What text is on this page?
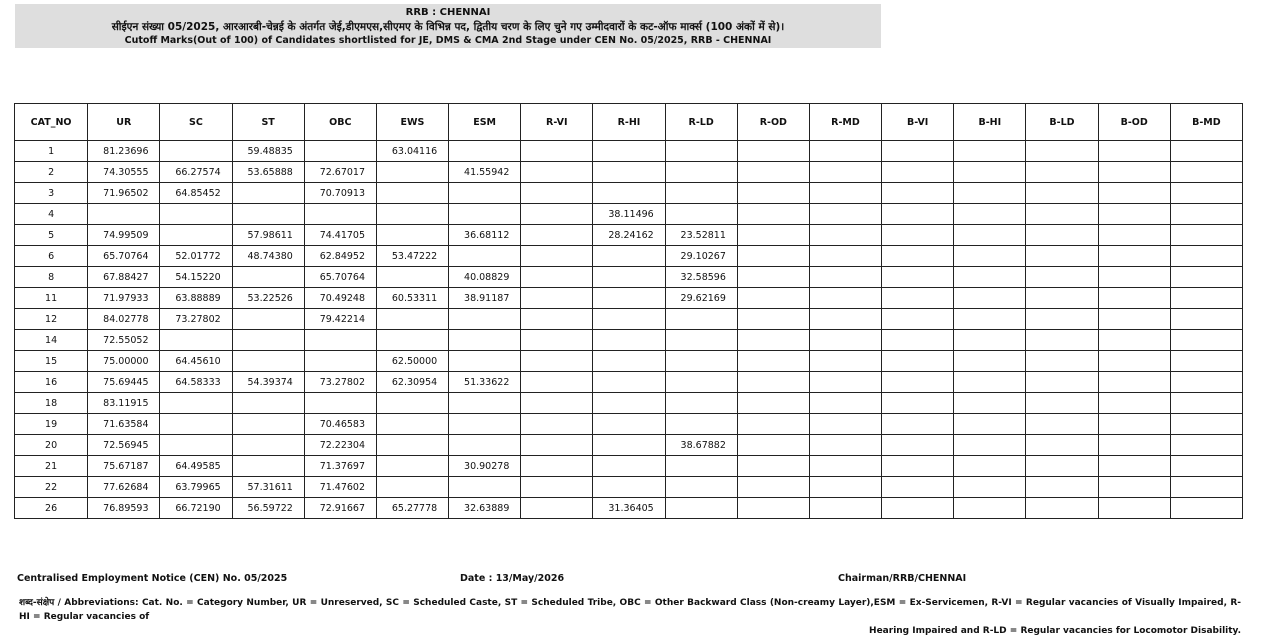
RRB : CHENNAI
सीईएन संख्या 05/2025, आरआरबी-चेन्नई के अंतर्गत जेई,डीएमएस,सीएमए के विभिन्न पद, द्वितीय चरण के लिए चुने गए उम्मीदवारों के कट-ऑफ मार्क्स (100 अंकों में से)।
Cutoff Marks(Out of 100) of Candidates shortlisted for JE, DMS & CMA 2nd Stage under CEN No. 05/2025, RRB - CHENNAI
CAT_NO	UR	SC	ST	OBC	EWS	ESM	R-VI	R-HI	R-LD	R-OD	R-MD	B-VI	B-HI	B-LD	B-OD	B-MD
1	81.23696		59.48835		63.04116											
2	74.30555	66.27574	53.65888	72.67017		41.55942										
3	71.96502	64.85452		70.70913												
4								38.11496								
5	74.99509		57.98611	74.41705		36.68112		28.24162	23.52811							
6	65.70764	52.01772	48.74380	62.84952	53.47222				29.10267							
8	67.88427	54.15220		65.70764		40.08829			32.58596							
11	71.97933	63.88889	53.22526	70.49248	60.53311	38.91187			29.62169							
12	84.02778	73.27802		79.42214												
14	72.55052															
15	75.00000	64.45610			62.50000											
16	75.69445	64.58333	54.39374	73.27802	62.30954	51.33622										
18	83.11915															
19	71.63584			70.46583												
20	72.56945			72.22304					38.67882							
21	75.67187	64.49585		71.37697		30.90278										
22	77.62684	63.79965	57.31611	71.47602												
26	76.89593	66.72190	56.59722	72.91667	65.27778	32.63889		31.36405								
Centralised Employment Notice (CEN) No. 05/2025	Date : 13/May/2026	Chairman/RRB/CHENNAI
शब्द-संक्षेप / Abbreviations: Cat. No. = Category Number, UR = Unreserved, SC = Scheduled Caste, ST = Scheduled Tribe, OBC = Other Backward Class (Non-creamy Layer),ESM = Ex-Servicemen, R-VI = Regular vacancies of Visually Impaired, R-HI = Regular vacancies of
Hearing Impaired and R-LD = Regular vacancies for Locomotor Disability.
